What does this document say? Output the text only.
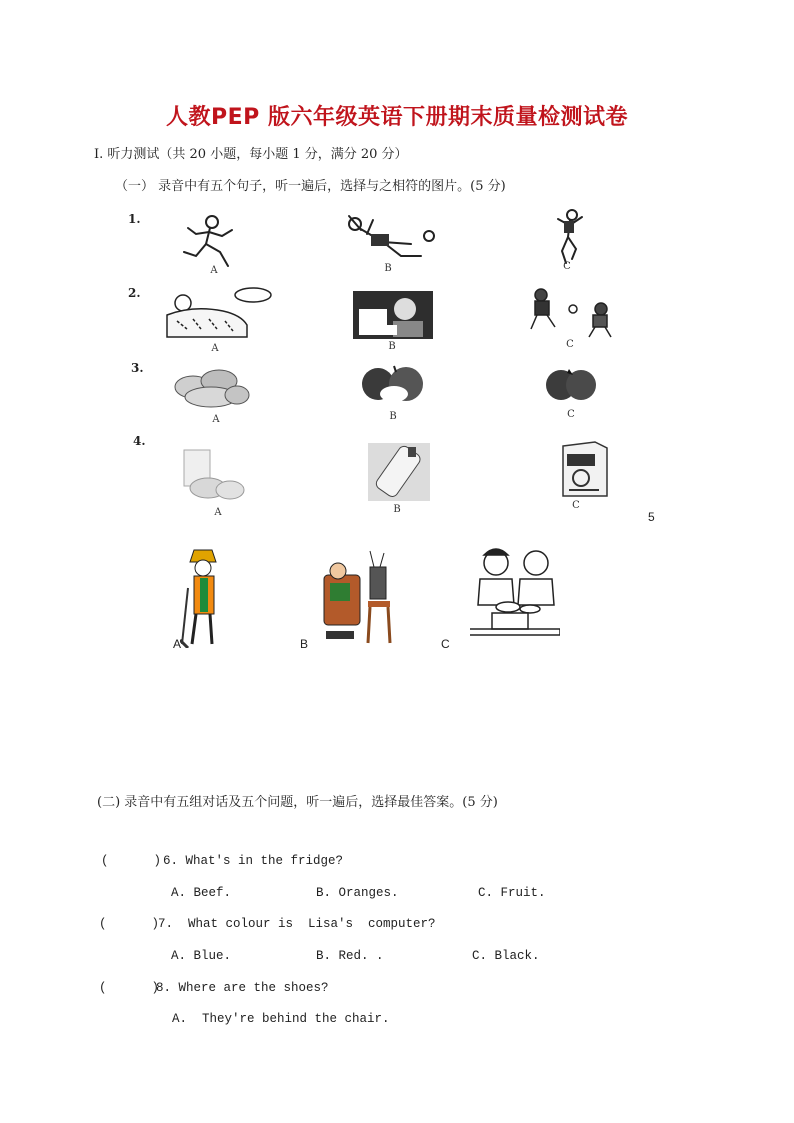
人教PEP 版六年级英语下册期末质量检测试卷
I. 听力测试（共 20 小题，每小题 1 分，满分 20 分）
（一） 录音中有五个句子，听一遍后，选择与之相符的图片。(5 分)
1.
A	B	C
2.
A	B	C
3.
A	B	C
4.
A	B	C
5
A	B	C
(二) 录音中有五组对话及五个问题，听一遍后，选择最佳答案。(5 分)
(      ) 6. What's in the fridge?
A. Beef.	B. Oranges.	C. Fruit.
(      )
7.  What colour is  Lisa's  computer?
A. Blue.	B. Red. .	C. Black.
(      )
8. Where are the shoes?
A.  They're behind the chair.
